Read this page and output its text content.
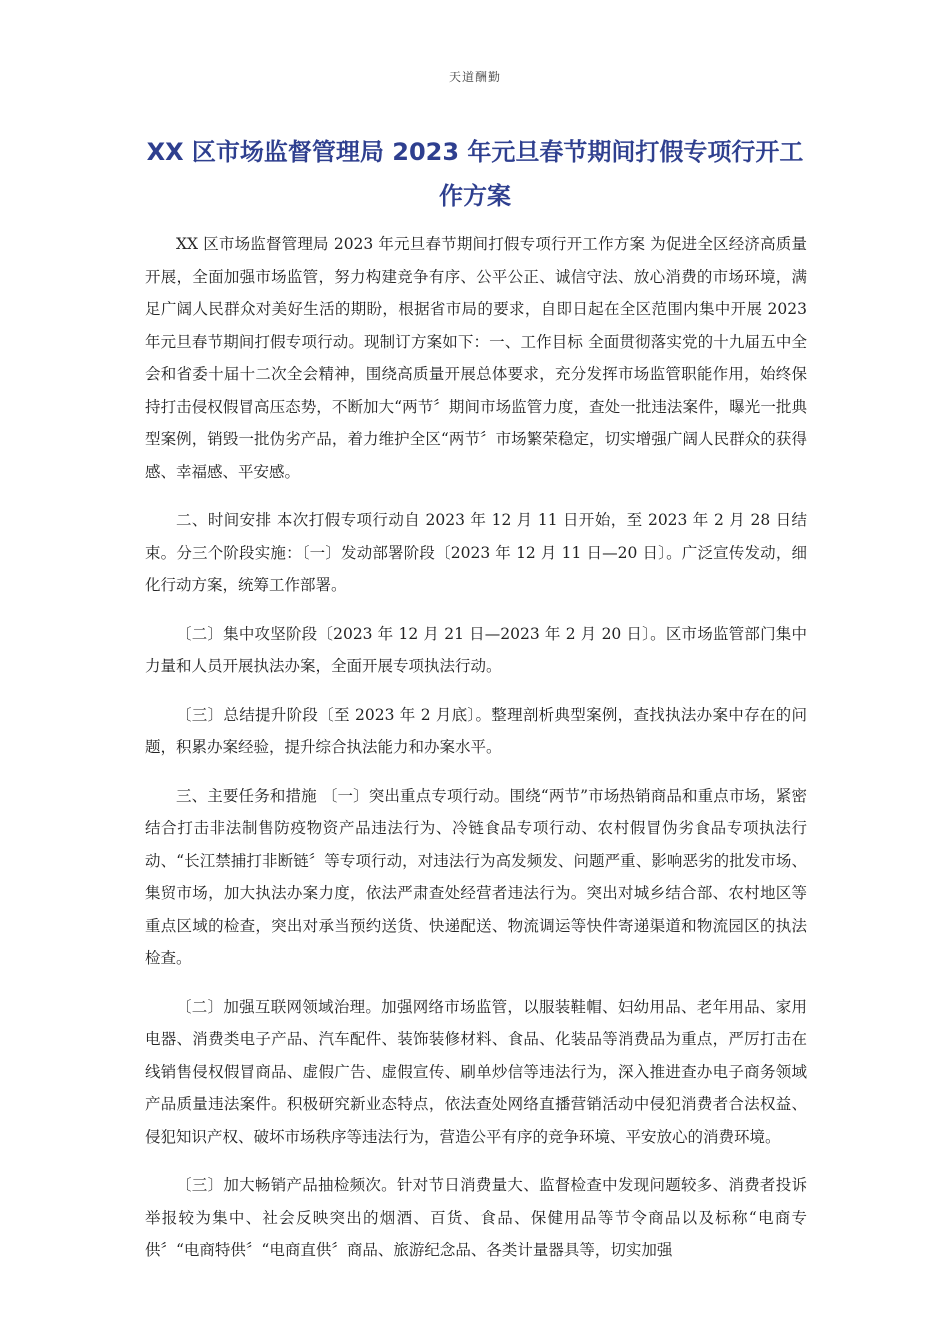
天道酬勤
XX 区市场监督管理局 2023 年元旦春节期间打假专项行开工作方案

XX 区市场监督管理局 2023 年元旦春节期间打假专项行开工作方案 为促进全区经济高质量开展，全面加强市场监管，努力构建竞争有序、公平公正、诚信守法、放心消费的市场环境，满足广阔人民群众对美好生活的期盼，根据省市局的要求，自即日起在全区范围内集中开展 2023 年元旦春节期间打假专项行动。现制订方案如下：一、工作目标 全面贯彻落实党的十九届五中全会和省委十届十二次全会精神，围绕高质量开展总体要求，充分发挥市场监管职能作用，始终保持打击侵权假冒高压态势，不断加大“两节〞期间市场监管力度，查处一批违法案件，曝光一批典型案例，销毁一批伪劣产品，着力维护全区“两节〞市场繁荣稳定，切实增强广阔人民群众的获得感、幸福感、平安感。

二、时间安排 本次打假专项行动自 2023 年 12 月 11 日开始，至 2023 年 2 月 28 日结束。分三个阶段实施：〔一〕发动部署阶段〔2023 年 12 月 11 日—20 日〕。广泛宣传发动，细化行动方案，统筹工作部署。

〔二〕集中攻坚阶段〔2023 年 12 月 21 日—2023 年 2 月 20 日〕。区市场监管部门集中力量和人员开展执法办案，全面开展专项执法行动。

〔三〕总结提升阶段〔至 2023 年 2 月底〕。整理剖析典型案例，查找执法办案中存在的问题，积累办案经验，提升综合执法能力和办案水平。

三、主要任务和措施 〔一〕突出重点专项行动。围绕“两节”市场热销商品和重点市场，紧密结合打击非法制售防疫物资产品违法行为、冷链食品专项行动、农村假冒伪劣食品专项执法行动、“长江禁捕打非断链〞等专项行动，对违法行为高发频发、问题严重、影响恶劣的批发市场、集贸市场，加大执法办案力度，依法严肃查处经营者违法行为。突出对城乡结合部、农村地区等重点区域的检查，突出对承当预约送货、快递配送、物流调运等快件寄递渠道和物流园区的执法检查。

〔二〕加强互联网领域治理。加强网络市场监管，以服装鞋帽、妇幼用品、老年用品、家用电器、消费类电子产品、汽车配件、装饰装修材料、食品、化装品等消费品为重点，严厉打击在线销售侵权假冒商品、虚假广告、虚假宣传、刷单炒信等违法行为，深入推进查办电子商务领域产品质量违法案件。积极研究新业态特点，依法查处网络直播营销活动中侵犯消费者合法权益、侵犯知识产权、破坏市场秩序等违法行为，营造公平有序的竞争环境、平安放心的消费环境。

〔三〕加大畅销产品抽检频次。针对节日消费量大、监督检查中发现问题较多、消费者投诉举报较为集中、社会反映突出的烟酒、百货、食品、保健用品等节令商品以及标称“电商专供〞“电商特供〞“电商直供〞商品、旅游纪念品、各类计量器具等，切实加强
